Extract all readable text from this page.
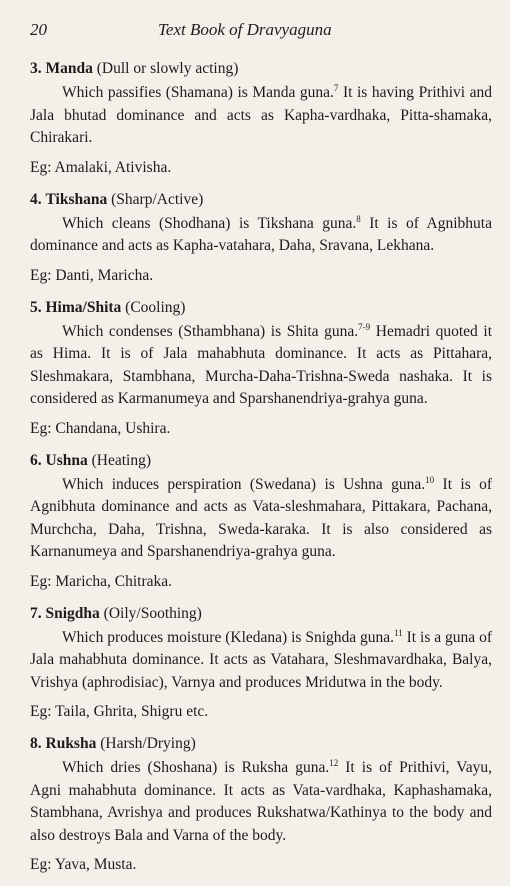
20	Text Book of Dravyaguna
3. Manda (Dull or slowly acting)

Which passifies (Shamana) is Manda guna.$^7$ It is having Prithivi and Jala bhutad dominance and acts as Kapha-vardhaka, Pitta-shamaka, Chirakari.

Eg: Amalaki, Ativisha.
4. Tikshana (Sharp/Active)

Which cleans (Shodhana) is Tikshana guna.$^8$ It is of Agnibhuta dominance and acts as Kapha-vatahara, Daha, Sravana, Lekhana.

Eg: Danti, Maricha.
5. Hima/Shita (Cooling)

Which condenses (Sthambhana) is Shita guna.$^{7-9}$ Hemadri quoted it as Hima. It is of Jala mahabhuta dominance. It acts as Pittahara, Sleshmakara, Stambhana, Murcha-Daha-Trishna-Sweda nashaka. It is considered as Karmanumeya and Sparshanendriya-grahya guna.

Eg: Chandana, Ushira.
6. Ushna (Heating)

Which induces perspiration (Swedana) is Ushna guna.$^{10}$ It is of Agnibhuta dominance and acts as Vata-sleshmahara, Pittakara, Pachana, Murchcha, Daha, Trishna, Sweda-karaka. It is also considered as Karnanumeya and Sparshanendriya-grahya guna.

Eg: Maricha, Chitraka.
7. Snigdha (Oily/Soothing)

Which produces moisture (Kledana) is Snighda guna.$^{11}$ It is a guna of Jala mahabhuta dominance. It acts as Vatahara, Sleshmavardhaka, Balya, Vrishya (aphrodisiac), Varnya and produces Mridutwa in the body.

Eg: Taila, Ghrita, Shigru etc.
8. Ruksha (Harsh/Drying)

Which dries (Shoshana) is Ruksha guna.$^{12}$ It is of Prithivi, Vayu, Agni mahabhuta dominance. It acts as Vata-vardhaka, Kaphashamaka, Stambhana, Avrishya and produces Rukshatwa/Kathinya to the body and also destroys Bala and Varna of the body.

Eg: Yava, Musta.
